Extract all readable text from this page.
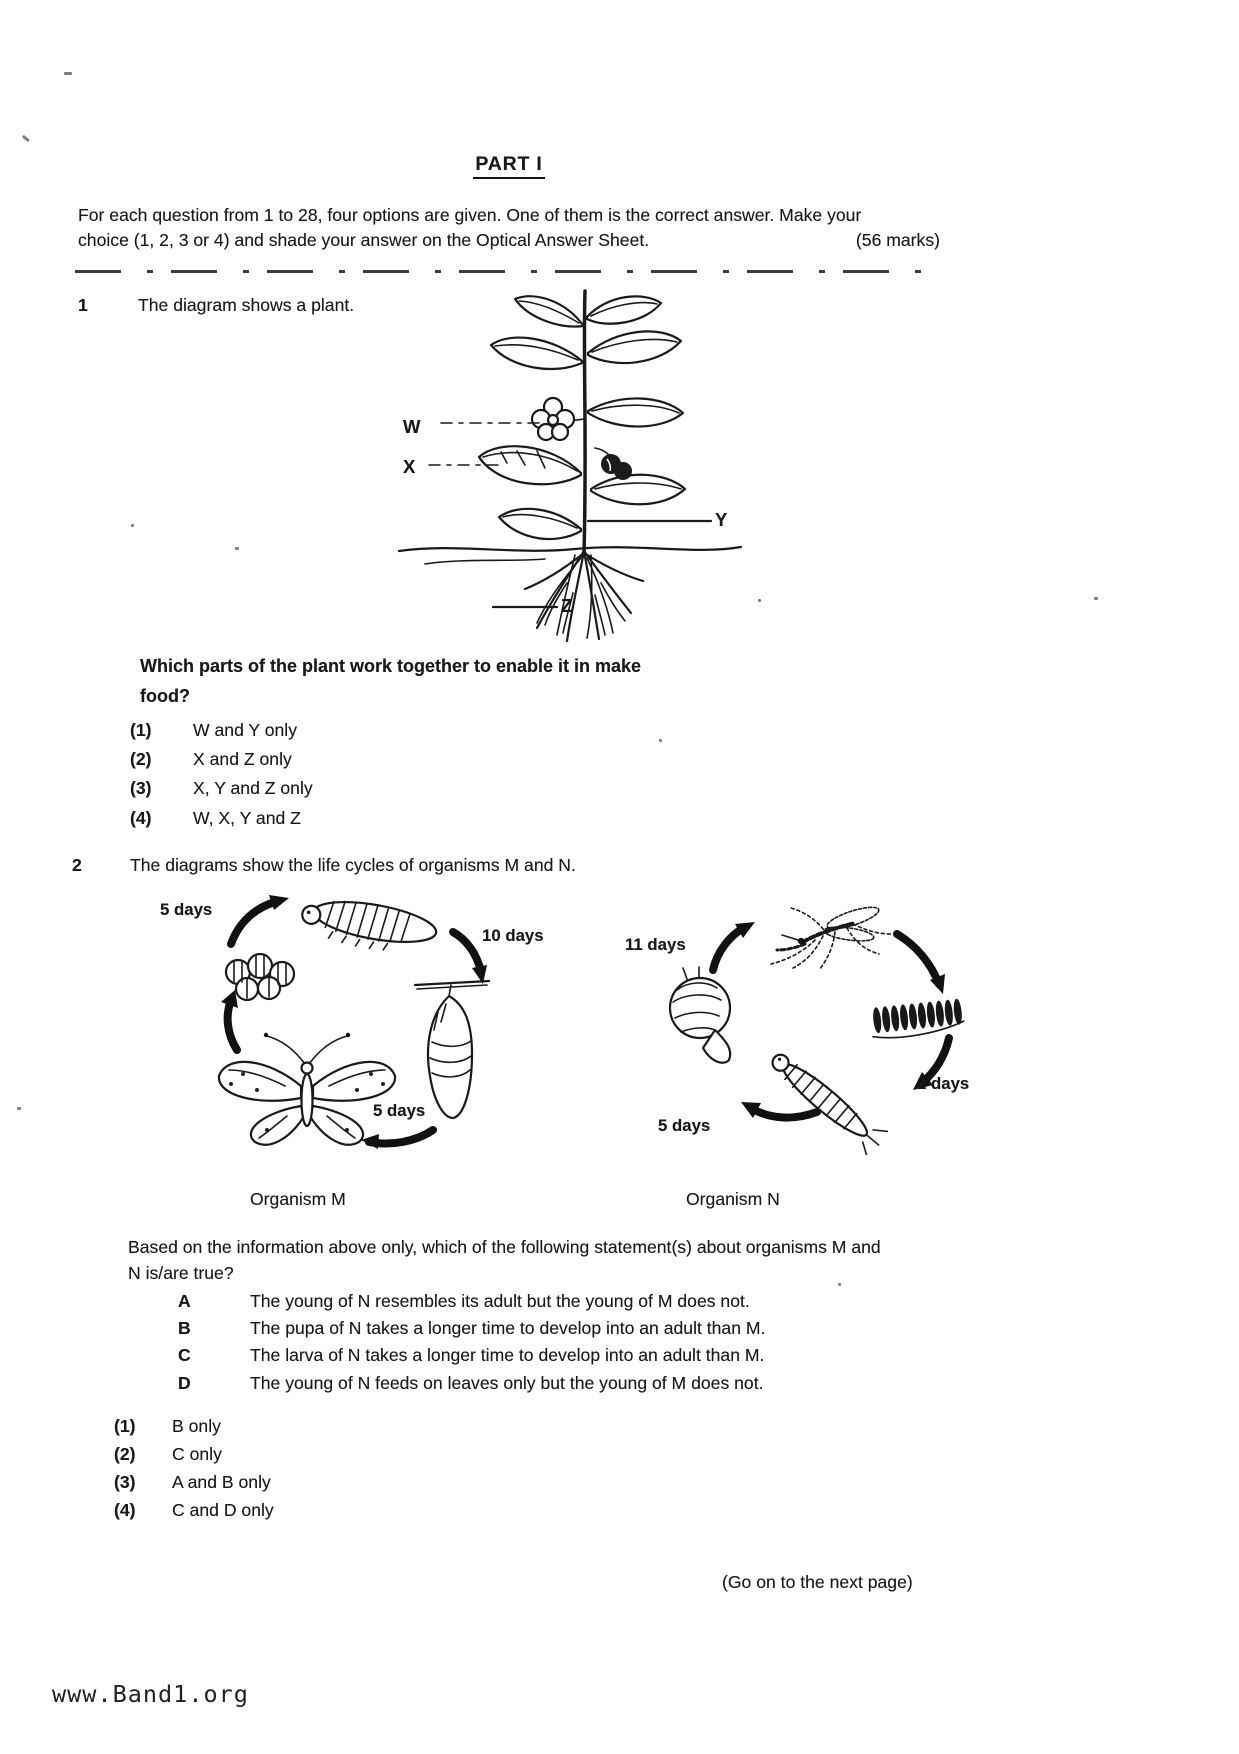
PART I
For each question from 1 to 28, four options are given. One of them is the correct answer. Make your
(56 marks)
choice (1, 2, 3 or 4) and shade your answer on the Optical Answer Sheet.
1	The diagram shows a plant.
W
X
Y
Z
Which parts of the plant work together to enable it in make
food?
(1) W and Y only
(2) X and Z only
(3) X, Y and Z only
(4) W, X, Y and Z
2	The diagrams show the life cycles of organisms M and N.
5 days
10 days
5 days
11 days
2 days
5 days
Organism M	Organism N
Based on the information above only, which of the following statement(s) about organisms M and
N is/are true?
A	The young of N resembles its adult but the young of M does not.
B	The pupa of N takes a longer time to develop into an adult than M.
C	The larva of N takes a longer time to develop into an adult than M.
D	The young of N feeds on leaves only but the young of M does not.
(1) B only
(2) C only
(3) A and B only
(4) C and D only
(Go on to the next page)
www.Band1.org
